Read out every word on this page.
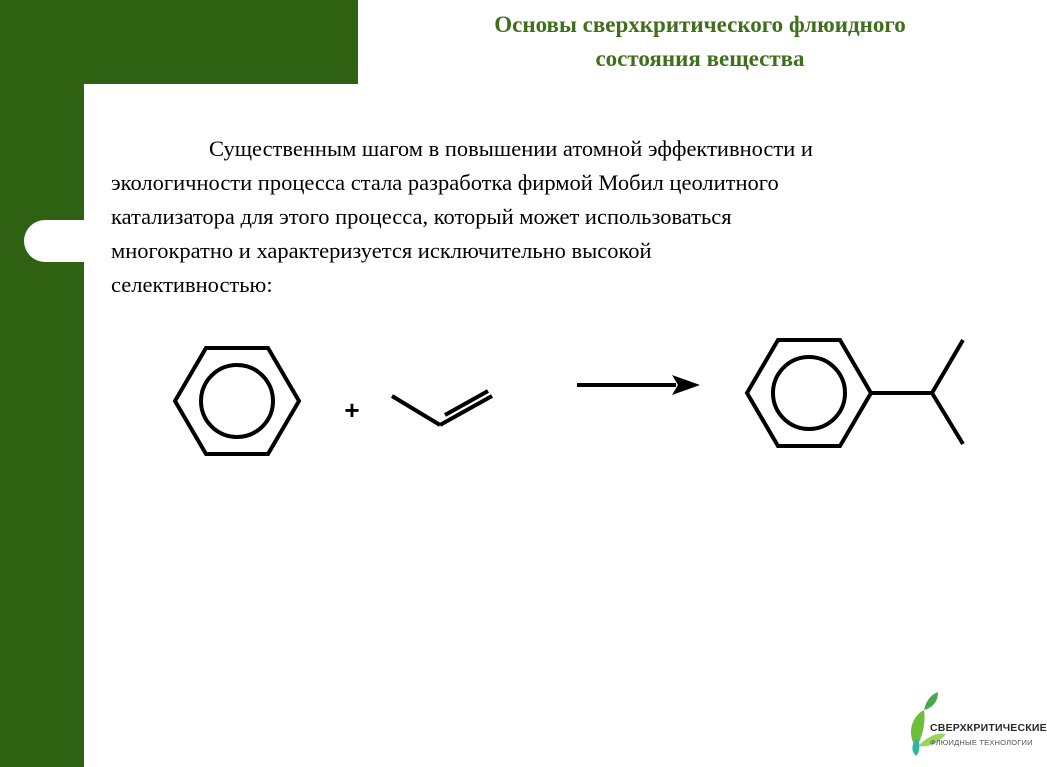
Основы сверхкритического флюидного
состояния вещества
Существенным шагом в повышении атомной эффективности и
экологичности процесса стала разработка фирмой Мобил цеолитного
катализатора для этого процесса, который может использоваться
многократно и характеризуется исключительно высокой
селективностью:
+
СВЕРХКРИТИЧЕСКИЕ
ФЛЮИДНЫЕ ТЕХНОЛОГИИ
